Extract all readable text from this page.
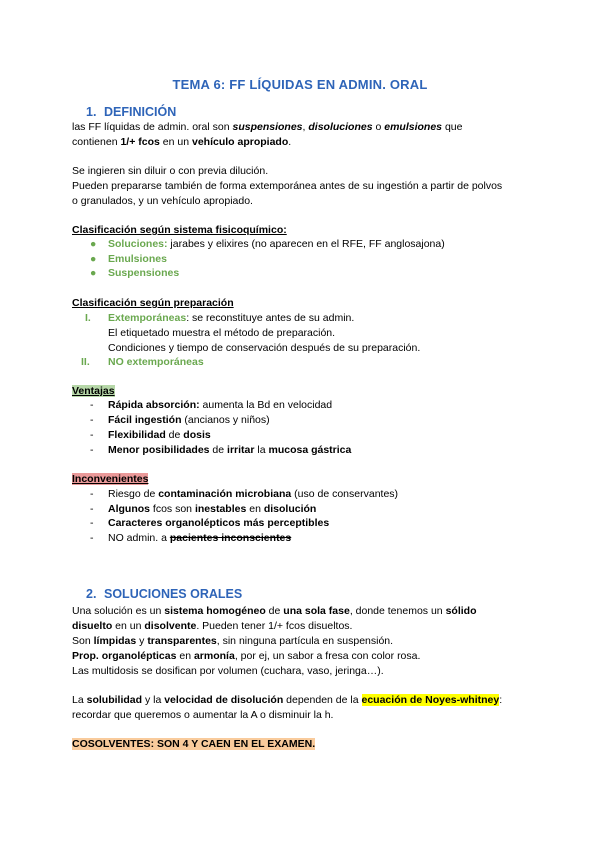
TEMA 6: FF LÍQUIDAS EN ADMIN. ORAL
1. DEFINICIÓN
las FF líquidas de admin. oral son suspensiones, disoluciones o emulsiones que
contienen 1/+ fcos en un vehículo apropiado.
Se ingieren sin diluir o con previa dilución.
Pueden prepararse también de forma extemporánea antes de su ingestión a partir de polvos
o granulados, y un vehículo apropiado.
Clasificación según sistema fisicoquímico:
● Soluciones: jarabes y elixires (no aparecen en el RFE, FF anglosajona)
● Emulsiones
● Suspensiones
Clasificación según preparación
I. Extemporáneas: se reconstituye antes de su admin.
El etiquetado muestra el método de preparación.
Condiciones y tiempo de conservación después de su preparación.
II. NO extemporáneas
Ventajas
- Rápida absorción: aumenta la Bd en velocidad
- Fácil ingestión (ancianos y niños)
- Flexibilidad de dosis
- Menor posibilidades de irritar la mucosa gástrica
Inconvenientes
- Riesgo de contaminación microbiana (uso de conservantes)
- Algunos fcos son inestables en disolución
- Caracteres organolépticos más perceptibles
- NO admin. a pacientes inconscientes
2. SOLUCIONES ORALES
Una solución es un sistema homogéneo de una sola fase, donde tenemos un sólido
disuelto en un disolvente. Pueden tener 1/+ fcos disueltos.
Son límpidas y transparentes, sin ninguna partícula en suspensión.
Prop. organolépticas en armonía, por ej, un sabor a fresa con color rosa.
Las multidosis se dosifican por volumen (cuchara, vaso, jeringa…).
La solubilidad y la velocidad de disolución dependen de la ecuación de Noyes-whitney:
recordar que queremos o aumentar la A o disminuir la h.
COSOLVENTES: SON 4 Y CAEN EN EL EXAMEN.
